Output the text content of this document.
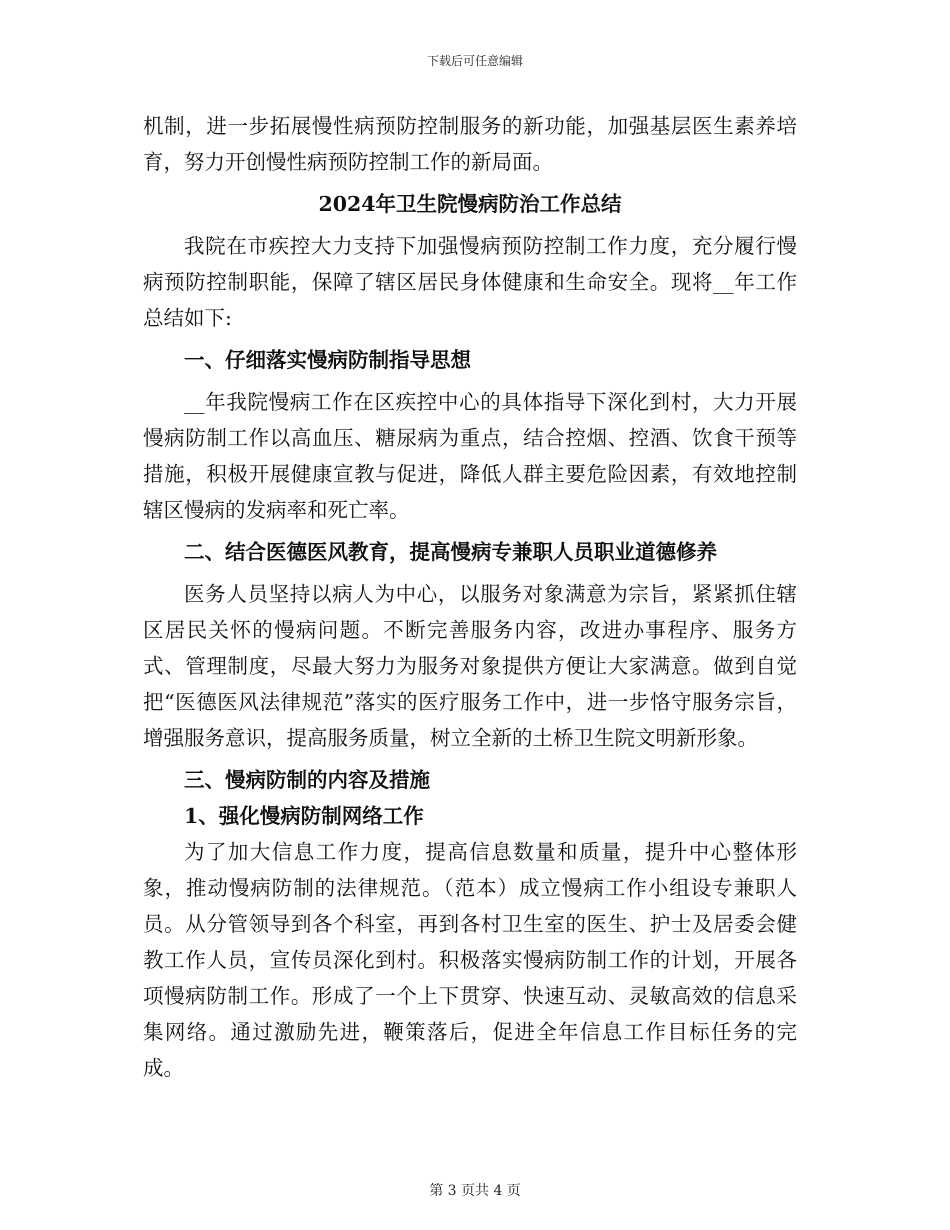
下载后可任意编辑

机制，进一步拓展慢性病预防控制服务的新功能，加强基层医生素养培育，努力开创慢性病预防控制工作的新局面。

2024年卫生院慢病防治工作总结

我院在市疾控大力支持下加强慢病预防控制工作力度，充分履行慢病预防控制职能，保障了辖区居民身体健康和生命安全。现将__年工作总结如下:

一、仔细落实慢病防制指导思想

__年我院慢病工作在区疾控中心的具体指导下深化到村，大力开展慢病防制工作以高血压、糖尿病为重点，结合控烟、控酒、饮食干预等措施，积极开展健康宣教与促进，降低人群主要危险因素，有效地控制辖区慢病的发病率和死亡率。

二、结合医德医风教育，提高慢病专兼职人员职业道德修养

医务人员坚持以病人为中心，以服务对象满意为宗旨，紧紧抓住辖区居民关怀的慢病问题。不断完善服务内容，改进办事程序、服务方式、管理制度，尽最大努力为服务对象提供方便让大家满意。做到自觉把“医德医风法律规范”落实的医疗服务工作中，进一步恪守服务宗旨，增强服务意识，提高服务质量，树立全新的土桥卫生院文明新形象。

三、慢病防制的内容及措施

1、强化慢病防制网络工作

为了加大信息工作力度，提高信息数量和质量，提升中心整体形象，推动慢病防制的法律规范。（范本）成立慢病工作小组设专兼职人员。从分管领导到各个科室，再到各村卫生室的医生、护士及居委会健教工作人员，宣传员深化到村。积极落实慢病防制工作的计划，开展各项慢病防制工作。形成了一个上下贯穿、快速互动、灵敏高效的信息采集网络。通过激励先进，鞭策落后，促进全年信息工作目标任务的完成。

第 3 页共 4 页
